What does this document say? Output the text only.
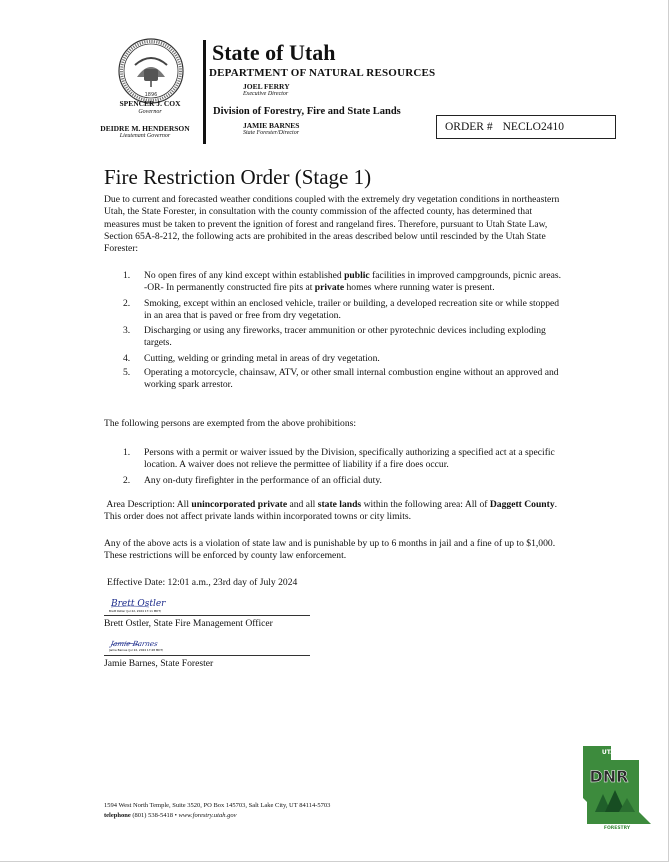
1896
SPENCER J. COX
Governor
DEIDRE M. HENDERSON
Lieutenant Governor
State of Utah
DEPARTMENT OF NATURAL RESOURCES
JOEL FERRY
Executive Director
Division of Forestry, Fire and State Lands
JAMIE BARNES
State Forester/Director	ORDER # NECLO2410
Fire Restriction Order (Stage 1)
Due to current and forecasted weather conditions coupled with the extremely dry vegetation conditions in northeastern Utah, the State Forester, in consultation with the county commission of the affected county, has determined that measures must be taken to prevent the ignition of forest and rangeland fires. Therefore, pursuant to Utah State Law, Section 65A-8-212, the following acts are prohibited in the areas described below until rescinded by the Utah State Forester:
1. No open fires of any kind except within established public facilities in improved campgrounds, picnic areas. -OR- In permanently constructed fire pits at private homes where running water is present.
2. Smoking, except within an enclosed vehicle, trailer or building, a developed recreation site or while stopped in an area that is paved or free from dry vegetation.
3. Discharging or using any fireworks, tracer ammunition or other pyrotechnic devices including exploding targets.
4. Cutting, welding or grinding metal in areas of dry vegetation.
5. Operating a motorcycle, chainsaw, ATV, or other small internal combustion engine without an approved and working spark arrestor.
The following persons are exempted from the above prohibitions:
1. Persons with a permit or waiver issued by the Division, specifically authorizing a specified act at a specific location. A waiver does not relieve the permittee of liability if a fire does occur.
2. Any on-duty firefighter in the performance of an official duty.
Area Description: All unincorporated private and all state lands within the following area: All of Daggett County. This order does not affect private lands within incorporated towns or city limits.
Any of the above acts is a violation of state law and is punishable by up to 6 months in jail and a fine of up to $1,000. These restrictions will be enforced by county law enforcement.
Effective Date: 12:01 a.m., 23rd day of July 2024
Brett Ostler
Brett Ostler (Jul 22, 2024 17:11 MDT)
Brett Ostler, State Fire Management Officer
Jamie Barnes
Jamie Barnes (Jul 22, 2024 17:48 MDT)
Jamie Barnes, State Forester
1594 West North Temple, Suite 3520, PO Box 145703, Salt Lake City, UT 84114-5703
telephone (801) 538-5418 • www.forestry.utah.gov
UTAH
DNR
FORESTRY
